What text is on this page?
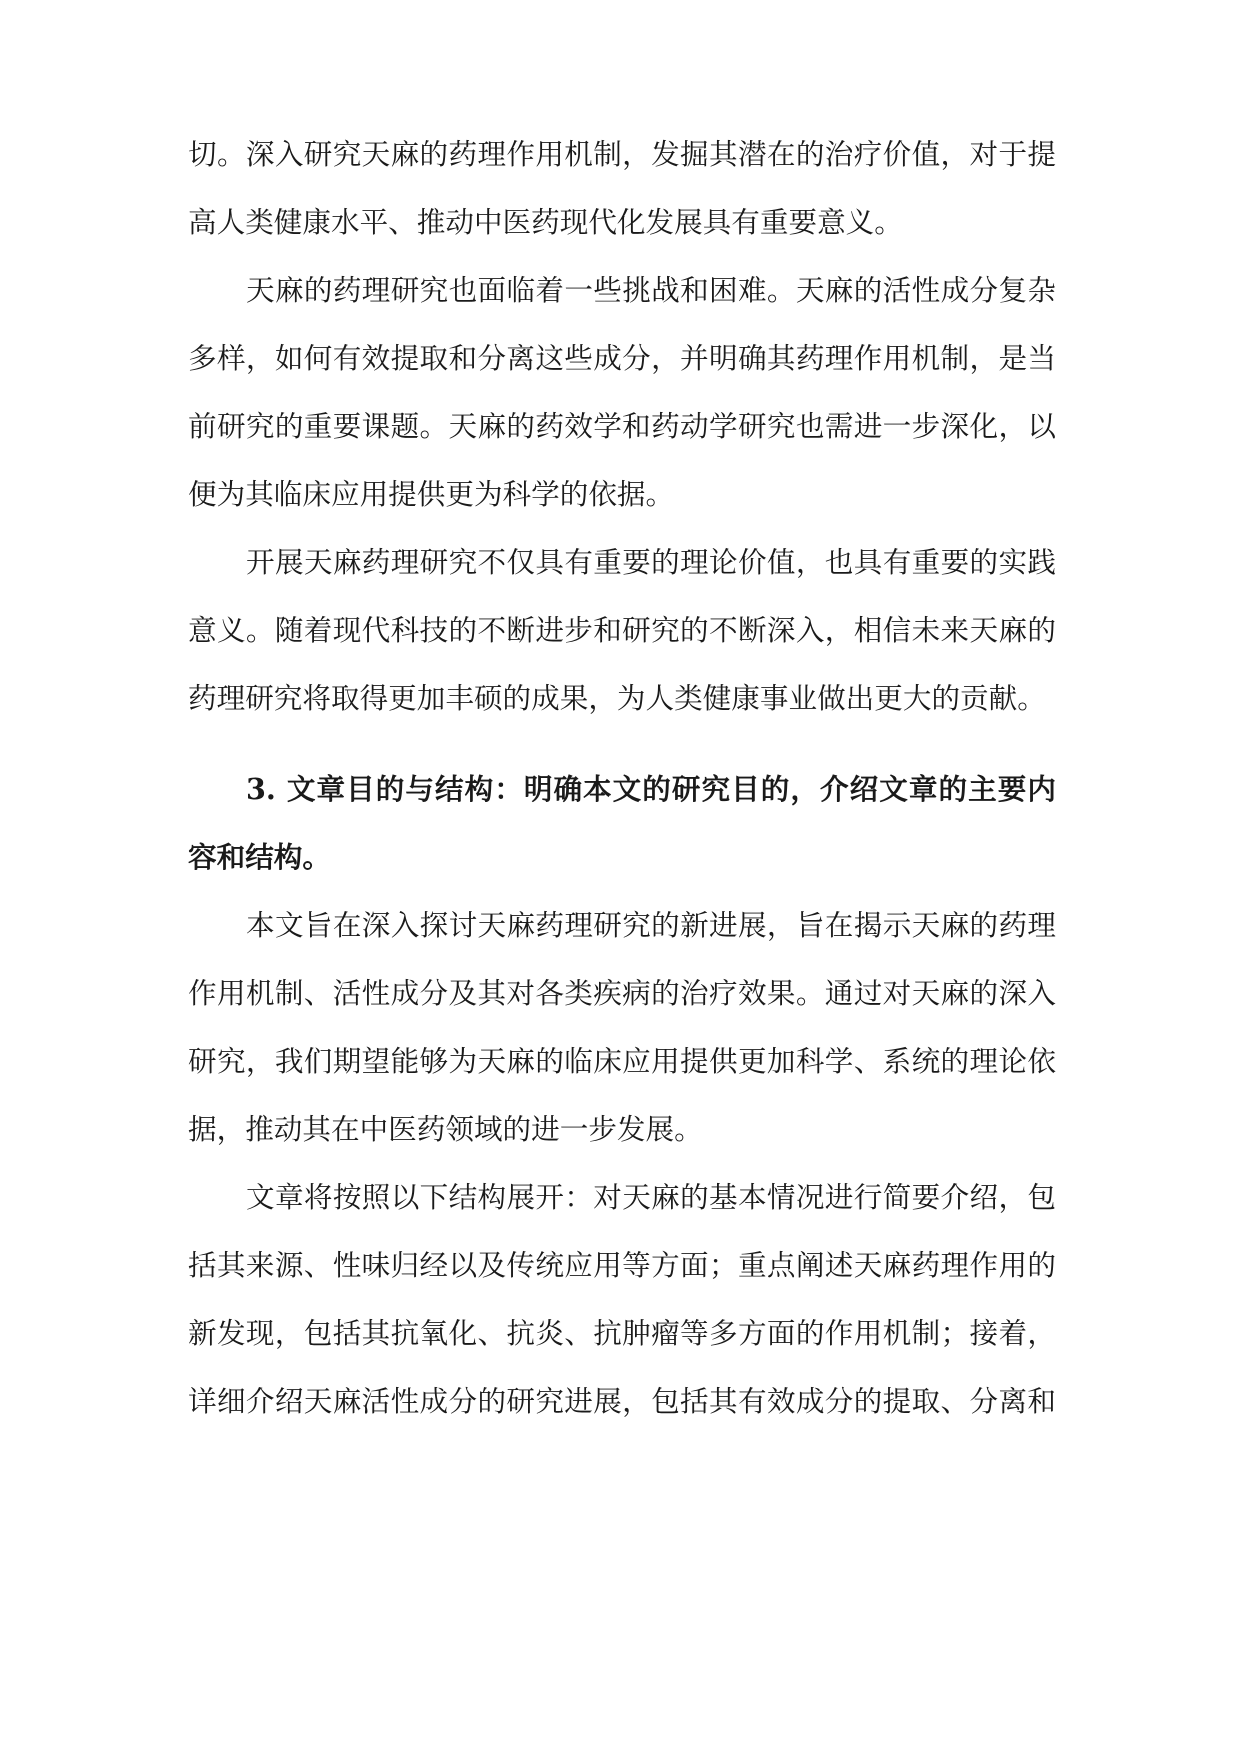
切。深入研究天麻的药理作用机制，发掘其潜在的治疗价值，对于提
高人类健康水平、推动中医药现代化发展具有重要意义。
天麻的药理研究也面临着一些挑战和困难。天麻的活性成分复杂
多样，如何有效提取和分离这些成分，并明确其药理作用机制，是当
前研究的重要课题。天麻的药效学和药动学研究也需进一步深化，以
便为其临床应用提供更为科学的依据。
开展天麻药理研究不仅具有重要的理论价值，也具有重要的实践
意义。随着现代科技的不断进步和研究的不断深入，相信未来天麻的
药理研究将取得更加丰硕的成果，为人类健康事业做出更大的贡献。
3. 文章目的与结构：明确本文的研究目的，介绍文章的主要内
容和结构。
本文旨在深入探讨天麻药理研究的新进展，旨在揭示天麻的药理
作用机制、活性成分及其对各类疾病的治疗效果。通过对天麻的深入
研究，我们期望能够为天麻的临床应用提供更加科学、系统的理论依
据，推动其在中医药领域的进一步发展。
文章将按照以下结构展开：对天麻的基本情况进行简要介绍，包
括其来源、性味归经以及传统应用等方面；重点阐述天麻药理作用的
新发现，包括其抗氧化、抗炎、抗肿瘤等多方面的作用机制；接着，
详细介绍天麻活性成分的研究进展，包括其有效成分的提取、分离和
